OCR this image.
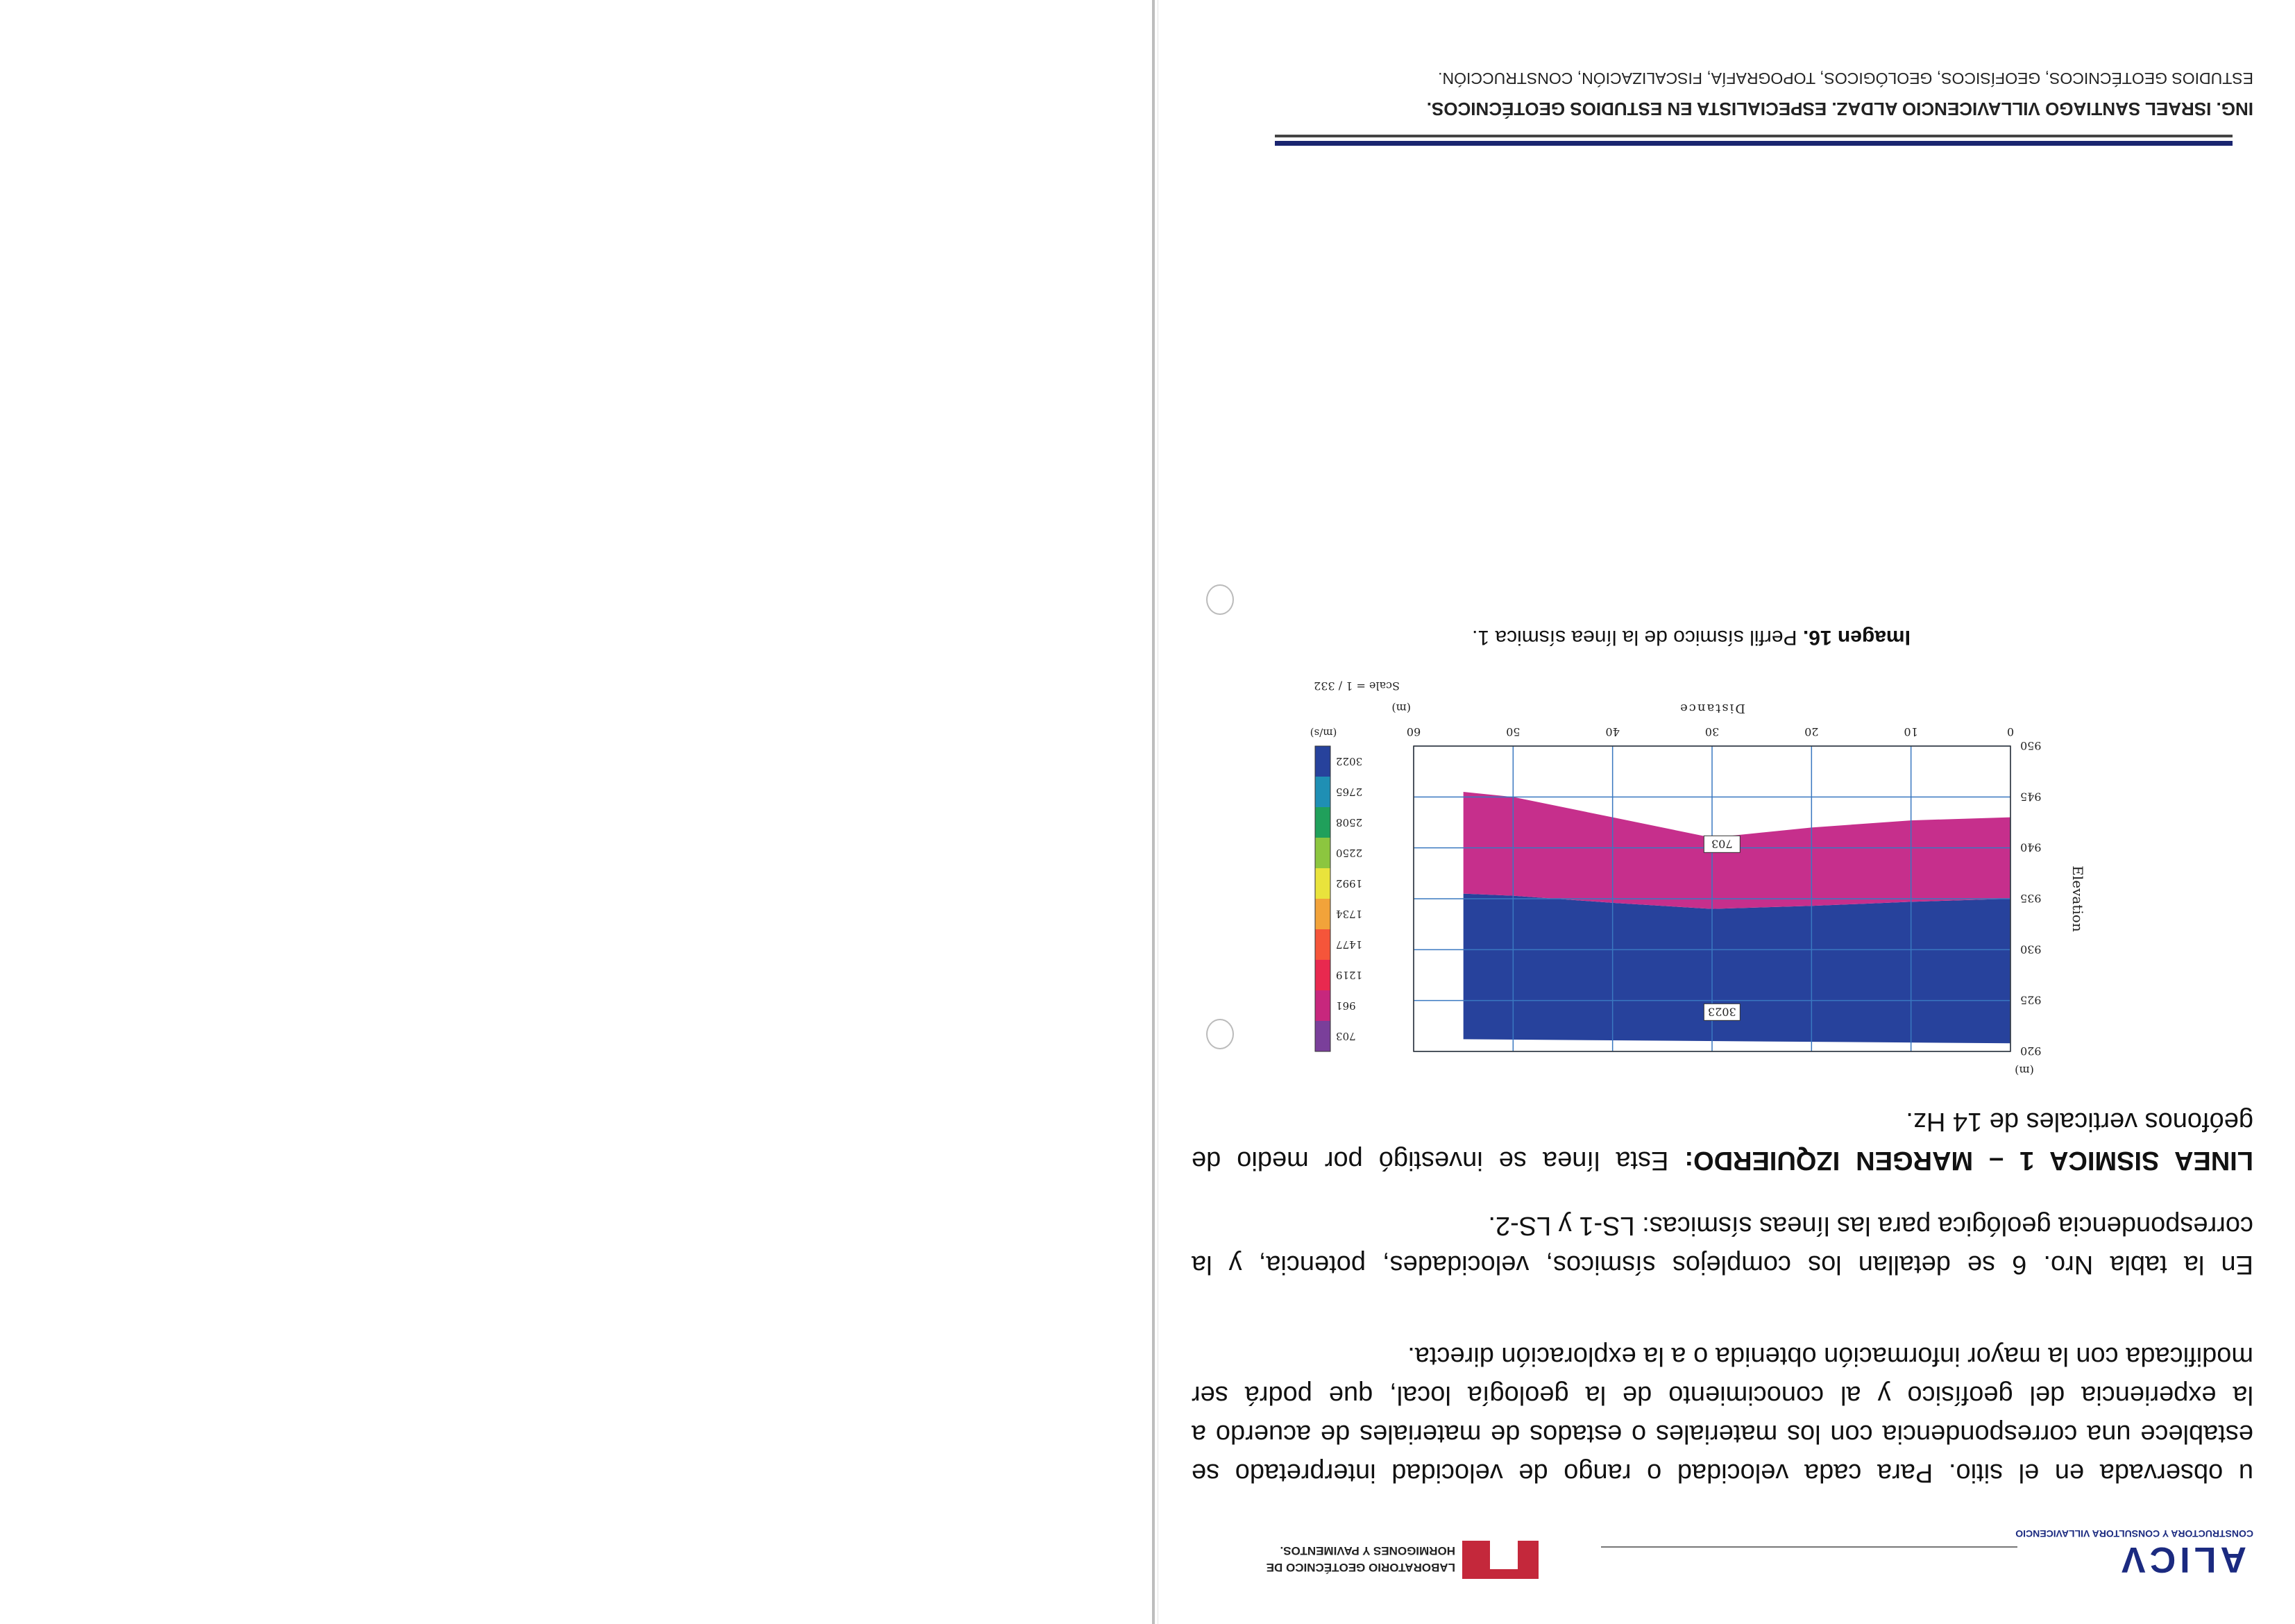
ALICV
CONSTRUCTORA Y CONSULTORA VILLAVICENCIO
LABORATORIO GEOTÉCNICO DE
HORMIGONES Y PAVIMENTOS.
u observada en el sitio. Para cada velocidad o rango de velocidad interpretado se establece una correspondencia con los materiales o estados de materiales de acuerdo a la experiencia del geofísico y al conocimiento de la geología local, que podrá ser modificada con la mayor información obtenida o a la exploración directa.
En la tabla Nro. 6 se detallan los complejos sísmicos, velocidades, potencia, y la correspondencia geológica para las líneas sísmicas: LS-1 y LS-2.
LINEA SISMICA 1 – MARGEN IZQUIERDO: Esta línea se investigó por medio de geófonos verticales de 14 Hz.
0
10
20
30
40
50
60
920
925
930
935
940
945
950
703
3023
Elevation
(m)
Distance
(m)
Scale = 1 / 332
703
961
1219
1477
1734
1992
2250
2508
2765
3022
(m/s)
Imagen 16. Perfil sísmico de la línea sísmica 1.
ING. ISRAEL SANTIAGO VILLAVICENCIO ALDAZ. ESPECIALISTA EN ESTUDIOS GEOTÉCNICOS.
ESTUDIOS GEOTÉCNICOS, GEOFÍSICOS, GEOLÓGICOS, TOPOGRAFÍA, FISCALIZACIÓN, CONSTRUCCIÓN.
